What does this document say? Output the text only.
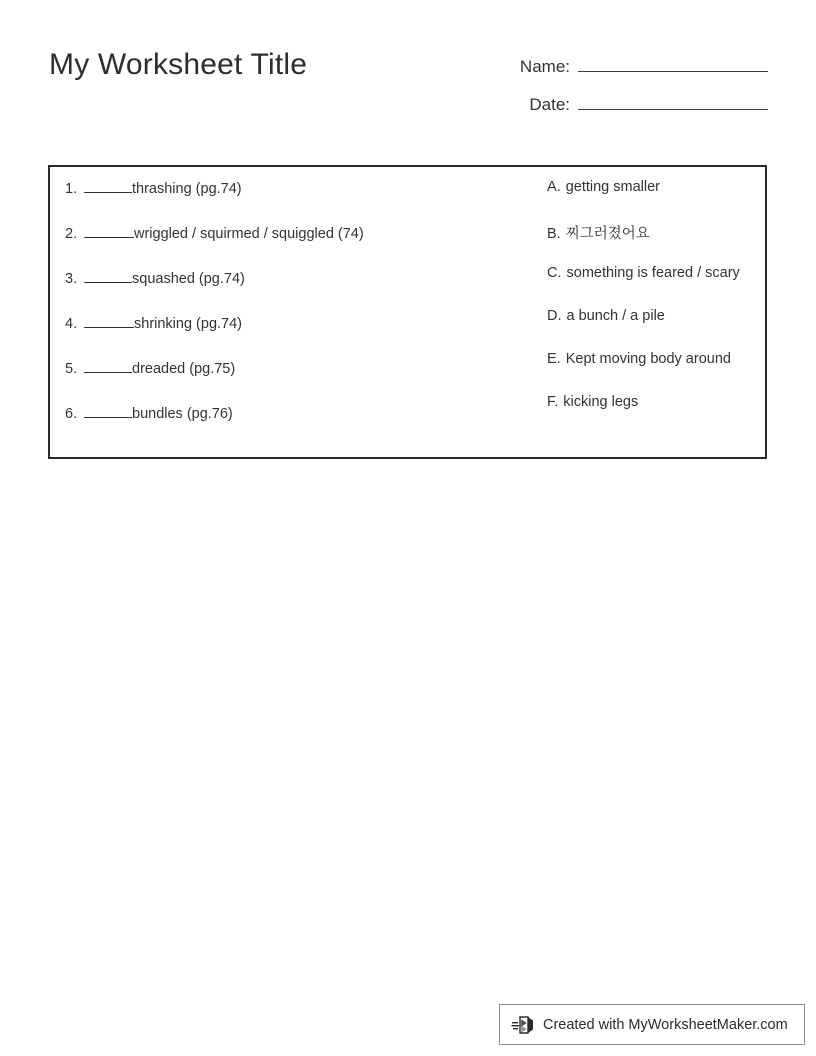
My Worksheet Title	Name:
Date:
1.	thrashing (pg.74)
2.	wriggled / squirmed / squiggled (74)
3.	squashed (pg.74)
4.	shrinking (pg.74)
5.	dreaded (pg.75)
6.	bundles (pg.76)
A. getting smaller
B. 찌그러졌어요
C. something is feared / scary
D. a bunch / a pile
E. Kept moving body around
F. kicking legs
Created with MyWorksheetMaker.com
